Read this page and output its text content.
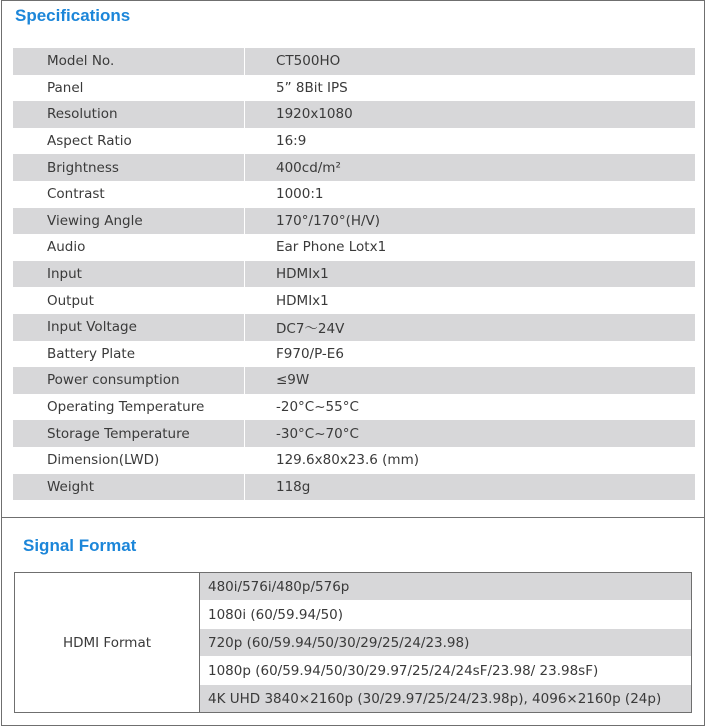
Specifications
Model No.	CT500HO
Panel	5” 8Bit IPS
Resolution	1920x1080
Aspect Ratio	16:9
Brightness	400cd/m²
Contrast	1000:1
Viewing Angle	170°/170°(H/V)
Audio	Ear Phone Lotx1
Input	HDMIx1
Output	HDMIx1
Input Voltage	DC7～24V
Battery Plate	F970/P-E6
Power consumption	≤9W
Operating Temperature	-20°C~55°C
Storage Temperature	-30°C~70°C
Dimension(LWD)	129.6x80x23.6 (mm)
Weight	118g
Signal Format
HDMI Format
480i/576i/480p/576p
1080i (60/59.94/50)
720p (60/59.94/50/30/29/25/24/23.98)
1080p (60/59.94/50/30/29.97/25/24/24sF/23.98/ 23.98sF)
4K UHD 3840×2160p (30/29.97/25/24/23.98p), 4096×2160p (24p)
